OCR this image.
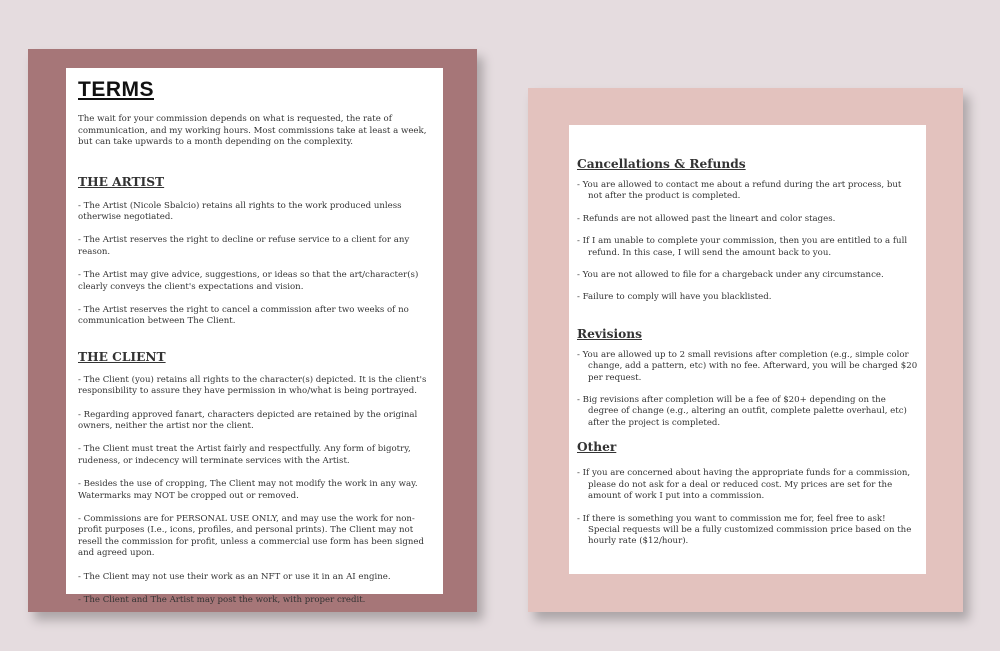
TERMS

The wait for your commission depends on what is requested, the rate of communication, and my working hours. Most commissions take at least a week, but can take upwards to a month depending on the complexity.

THE ARTIST

- The Artist (Nicole Sbalcio) retains all rights to the work produced unless otherwise negotiated.

- The Artist reserves the right to decline or refuse service to a client for any reason.

- The Artist may give advice, suggestions, or ideas so that the art/character(s) clearly conveys the client's expectations and vision.

- The Artist reserves the right to cancel a commission after two weeks of no communication between The Client.

THE CLIENT

- The Client (you) retains all rights to the character(s) depicted. It is the client's responsibility to assure they have permission in who/what is being portrayed.

- Regarding approved fanart, characters depicted are retained by the original owners, neither the artist nor the client.

- The Client must treat the Artist fairly and respectfully. Any form of bigotry, rudeness, or indecency will terminate services with the Artist.

- Besides the use of cropping, The Client may not modify the work in any way. Watermarks may NOT be cropped out or removed.

- Commissions are for PERSONAL USE ONLY, and may use the work for non-profit purposes (I.e., icons, profiles, and personal prints). The Client may not resell the commission for profit, unless a commercial use form has been signed and agreed upon.

- The Client may not use their work as an NFT or use it in an AI engine.

- The Client and The Artist may post the work, with proper credit.

Cancellations & Refunds

- You are allowed to contact me about a refund during the art process, but not after the product is completed.

- Refunds are not allowed past the lineart and color stages.

- If I am unable to complete your commission, then you are entitled to a full refund. In this case, I will send the amount back to you.

- You are not allowed to file for a chargeback under any circumstance.

- Failure to comply will have you blacklisted.

Revisions

- You are allowed up to 2 small revisions after completion (e.g., simple color change, add a pattern, etc) with no fee. Afterward, you will be charged $20 per request.

- Big revisions after completion will be a fee of $20+ depending on the degree of change (e.g., altering an outfit, complete palette overhaul, etc) after the project is completed.

Other

- If you are concerned about having the appropriate funds for a commission, please do not ask for a deal or reduced cost. My prices are set for the amount of work I put into a commission.

- If there is something you want to commission me for, feel free to ask! Special requests will be a fully customized commission price based on the hourly rate ($12/hour).
